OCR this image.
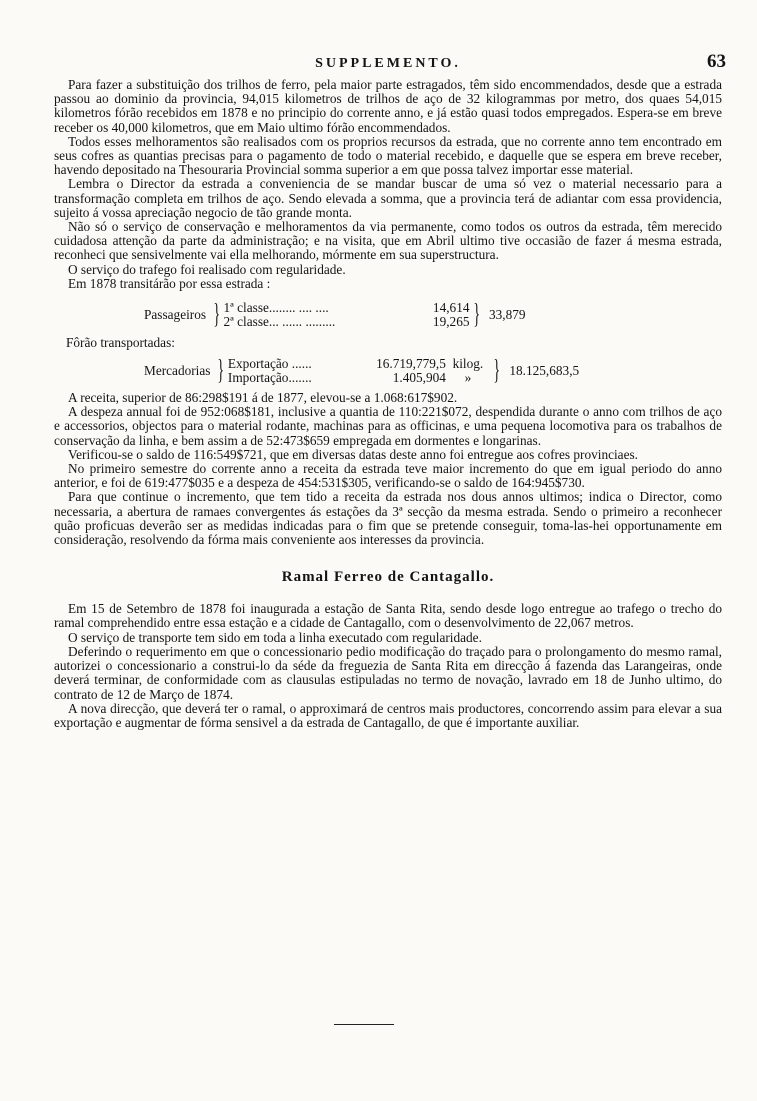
SUPPLEMENTO.	63

Para fazer a substituição dos trilhos de ferro, pela maior parte estragados, têm sido encommendados, desde que a estrada passou ao dominio da provincia, 94,015 kilometros de trilhos de aço de 32 kilogrammas por metro, dos quaes 54,015 kilometros fórão recebidos em 1878 e no principio do corrente anno, e já estão quasi todos empregados. Espera-se em breve receber os 40,000 kilometros, que em Maio ultimo fórão encommendados.

Todos esses melhoramentos são realisados com os proprios recursos da estrada, que no corrente anno tem encontrado em seus cofres as quantias precisas para o pagamento de todo o material recebido, e daquelle que se espera em breve receber, havendo depositado na Thesouraria Provincial somma superior a em que possa talvez importar esse material.

Lembra o Director da estrada a conveniencia de se mandar buscar de uma só vez o material necessario para a transformação completa em trilhos de aço. Sendo elevada a somma, que a provincia terá de adiantar com essa providencia, sujeito á vossa apreciação negocio de tão grande monta.

Não só o serviço de conservação e melhoramentos da via permanente, como todos os outros da estrada, têm merecido cuidadosa attenção da parte da administração; e na visita, que em Abril ultimo tive occasião de fazer á mesma estrada, reconheci que sensivelmente vai ella melhorando, mórmente em sua superstructura.

O serviço do trafego foi realisado com regularidade.

Em 1878 transitárão por essa estrada :

Passageiros } 1ª classe........ .... ....	14,614
2ª classe... ...... .........	19,265 } 33,879
Fôrão transportadas:
Mercadorias } Exportação ......	16.719,779,5 kilog.
Importação.......	1.405,904	» } 18.125,683,5

A receita, superior de 86:298$191 á de 1877, elevou-se a 1.068:617$902.

A despeza annual foi de 952:068$181, inclusive a quantia de 110:221$072, despendida durante o anno com trilhos de aço e accessorios, objectos para o material rodante, machinas para as officinas, e uma pequena locomotiva para os trabalhos de conservação da linha, e bem assim a de 52:473$659 empregada em dormentes e longarinas.

Verificou-se o saldo de 116:549$721, que em diversas datas deste anno foi entregue aos cofres provinciaes.

No primeiro semestre do corrente anno a receita da estrada teve maior incremento do que em igual periodo do anno anterior, e foi de 619:477$035 e a despeza de 454:531$305, verificando-se o saldo de 164:945$730.

Para que continue o incremento, que tem tido a receita da estrada nos dous annos ultimos; indica o Director, como necessaria, a abertura de ramaes convergentes ás estações da 3ª secção da mesma estrada. Sendo o primeiro a reconhecer quão proficuas deverão ser as medidas indicadas para o fim que se pretende conseguir, toma-las-hei opportunamente em consideração, resolvendo da fórma mais conveniente aos interesses da provincia.

Ramal Ferreo de Cantagallo.

Em 15 de Setembro de 1878 foi inaugurada a estação de Santa Rita, sendo desde logo entregue ao trafego o trecho do ramal comprehendido entre essa estação e a cidade de Cantagallo, com o desenvolvimento de 22,067 metros.

O serviço de transporte tem sido em toda a linha executado com regularidade.

Deferindo o requerimento em que o concessionario pedio modificação do traçado para o prolongamento do mesmo ramal, autorizei o concessionario a construi-lo da séde da freguezia de Santa Rita em direcção á fazenda das Larangeiras, onde deverá terminar, de conformidade com as clausulas estipuladas no termo de novação, lavrado em 18 de Junho ultimo, do contrato de 12 de Março de 1874.

A nova direcção, que deverá ter o ramal, o approximará de centros mais productores, concorrendo assim para elevar a sua exportação e augmentar de fórma sensivel a da estrada de Cantagallo, de que é importante auxiliar.
